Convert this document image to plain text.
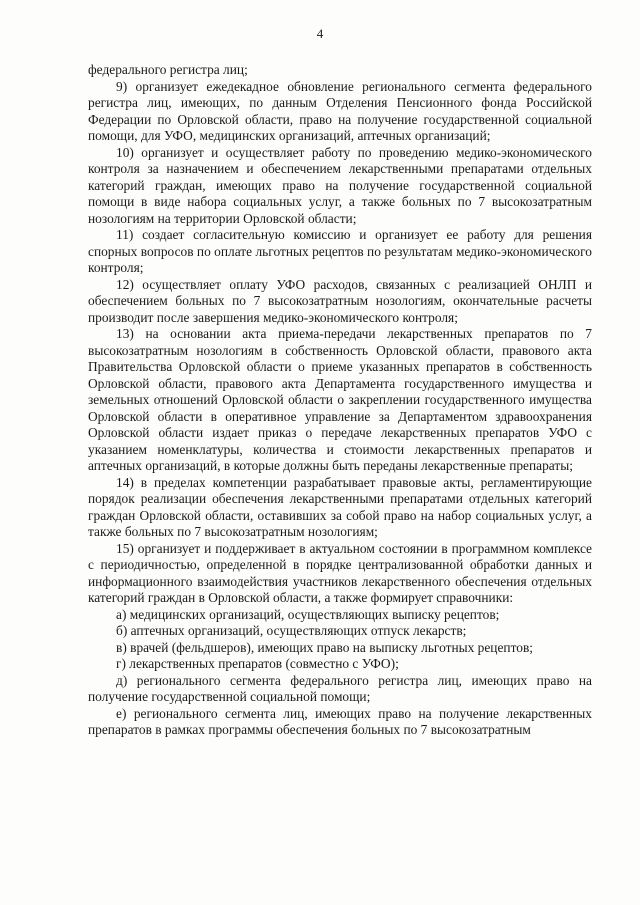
4

федерального регистра лиц;

9) организует ежедекадное обновление регионального сегмента федерального регистра лиц, имеющих, по данным Отделения Пенсионного фонда Российской Федерации по Орловской области, право на получение государственной социальной помощи, для УФО, медицинских организаций, аптечных организаций;

10) организует и осуществляет работу по проведению медико-экономического контроля за назначением и обеспечением лекарственными препаратами отдельных категорий граждан, имеющих право на получение государственной социальной помощи в виде набора социальных услуг, а также больных по 7 высокозатратным нозологиям на территории Орловской области;

11) создает согласительную комиссию и организует ее работу для решения спорных вопросов по оплате льготных рецептов по результатам медико-экономического контроля;

12) осуществляет оплату УФО расходов, связанных с реализацией ОНЛП и обеспечением больных по 7 высокозатратным нозологиям, окончательные расчеты производит после завершения медико-экономического контроля;

13) на основании акта приема-передачи лекарственных препаратов по 7 высокозатратным нозологиям в собственность Орловской области, правового акта Правительства Орловской области о приеме указанных препаратов в собственность Орловской области, правового акта Департамента государственного имущества и земельных отношений Орловской области о закреплении государственного имущества Орловской области в оперативное управление за Департаментом здравоохранения Орловской области издает приказ о передаче лекарственных препаратов УФО с указанием номенклатуры, количества и стоимости лекарственных препаратов и аптечных организаций, в которые должны быть переданы лекарственные препараты;

14) в пределах компетенции разрабатывает правовые акты, регламентирующие порядок реализации обеспечения лекарственными препаратами отдельных категорий граждан Орловской области, оставивших за собой право на набор социальных услуг, а также больных по 7 высокозатратным нозологиям;

15) организует и поддерживает в актуальном состоянии в программном комплексе с периодичностью, определенной в порядке централизованной обработки данных и информационного взаимодействия участников лекарственного обеспечения отдельных категорий граждан в Орловской области, а также формирует справочники:

а) медицинских организаций, осуществляющих выписку рецептов;

б) аптечных организаций, осуществляющих отпуск лекарств;

в) врачей (фельдшеров), имеющих право на выписку льготных рецептов;

г) лекарственных препаратов (совместно с УФО);

д) регионального сегмента федерального регистра лиц, имеющих право на получение государственной социальной помощи;

е) регионального сегмента лиц, имеющих право на получение лекарственных препаратов в рамках программы обеспечения больных по 7 высокозатратным
